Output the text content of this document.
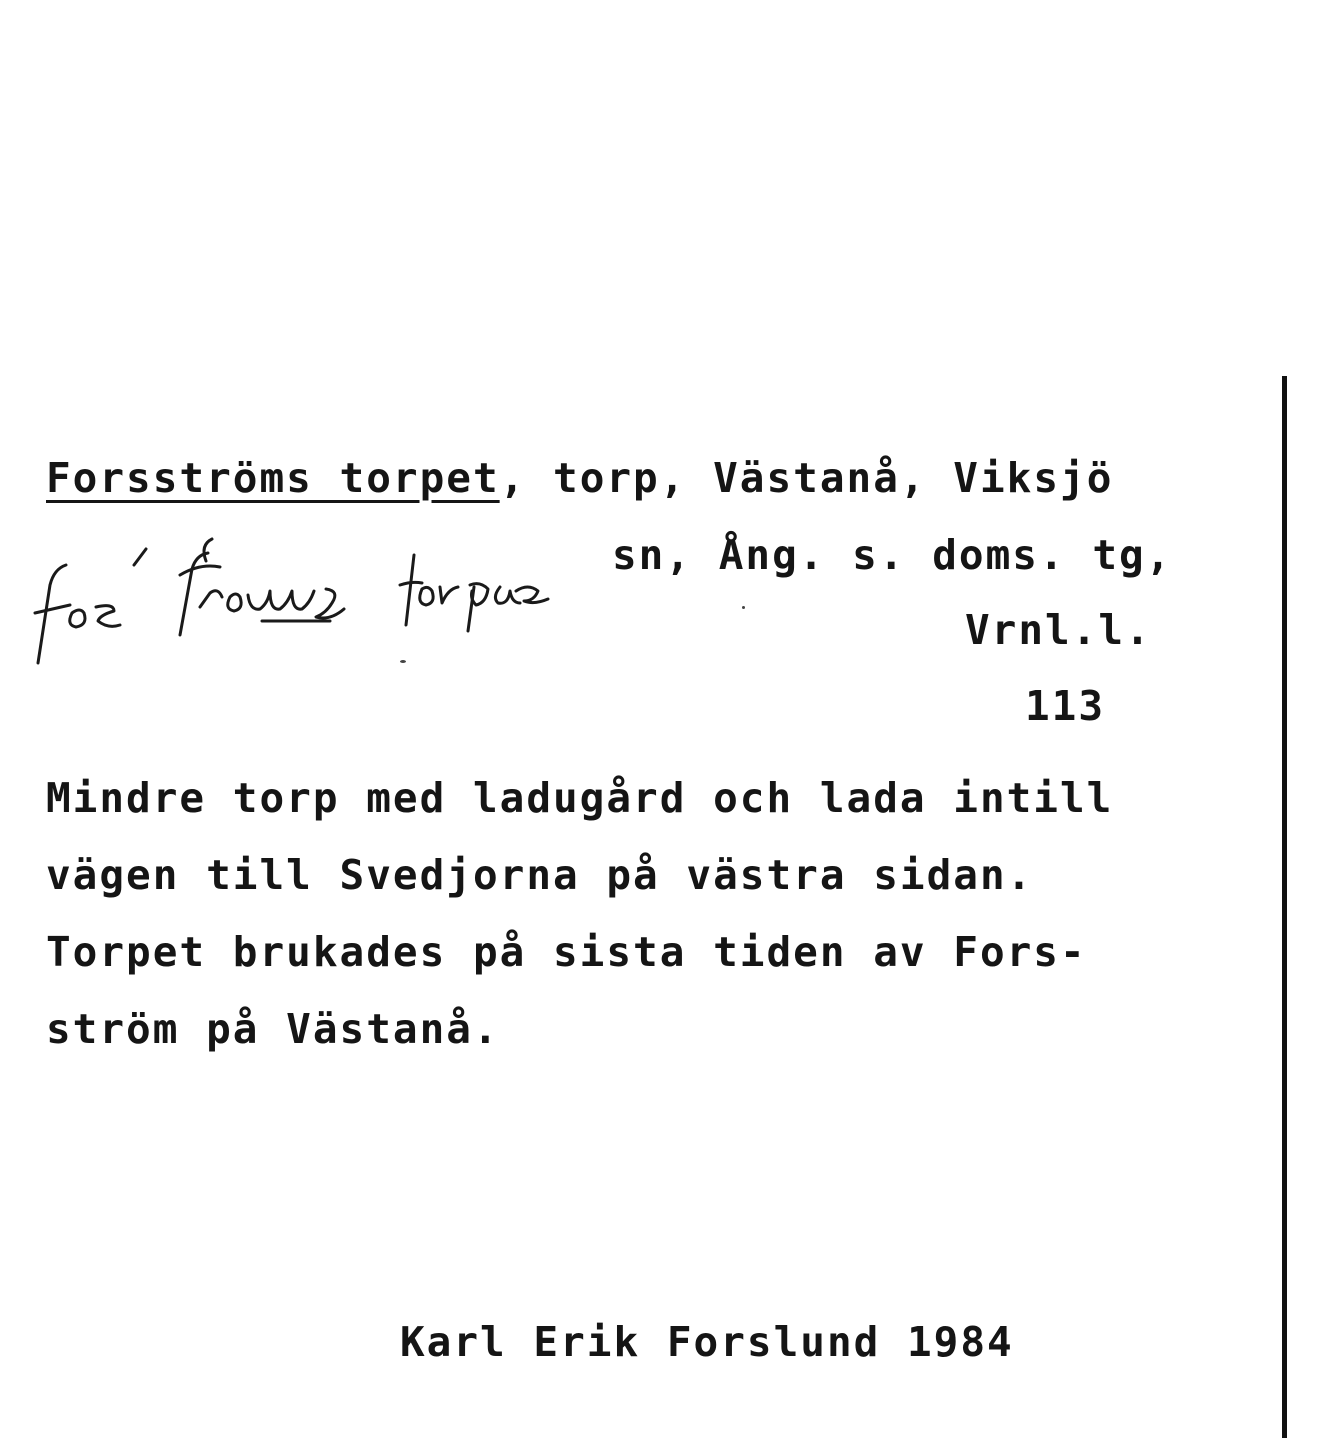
Forsströms torpet, torp, Västanå, Viksjö
sn, Ång. s. doms. tg,
Vrnl.l.
113
Mindre torp med ladugård och lada intill
vägen till Svedjorna på västra sidan.
Torpet brukades på sista tiden av Fors-
ström på Västanå.
Karl Erik Forslund 1984
